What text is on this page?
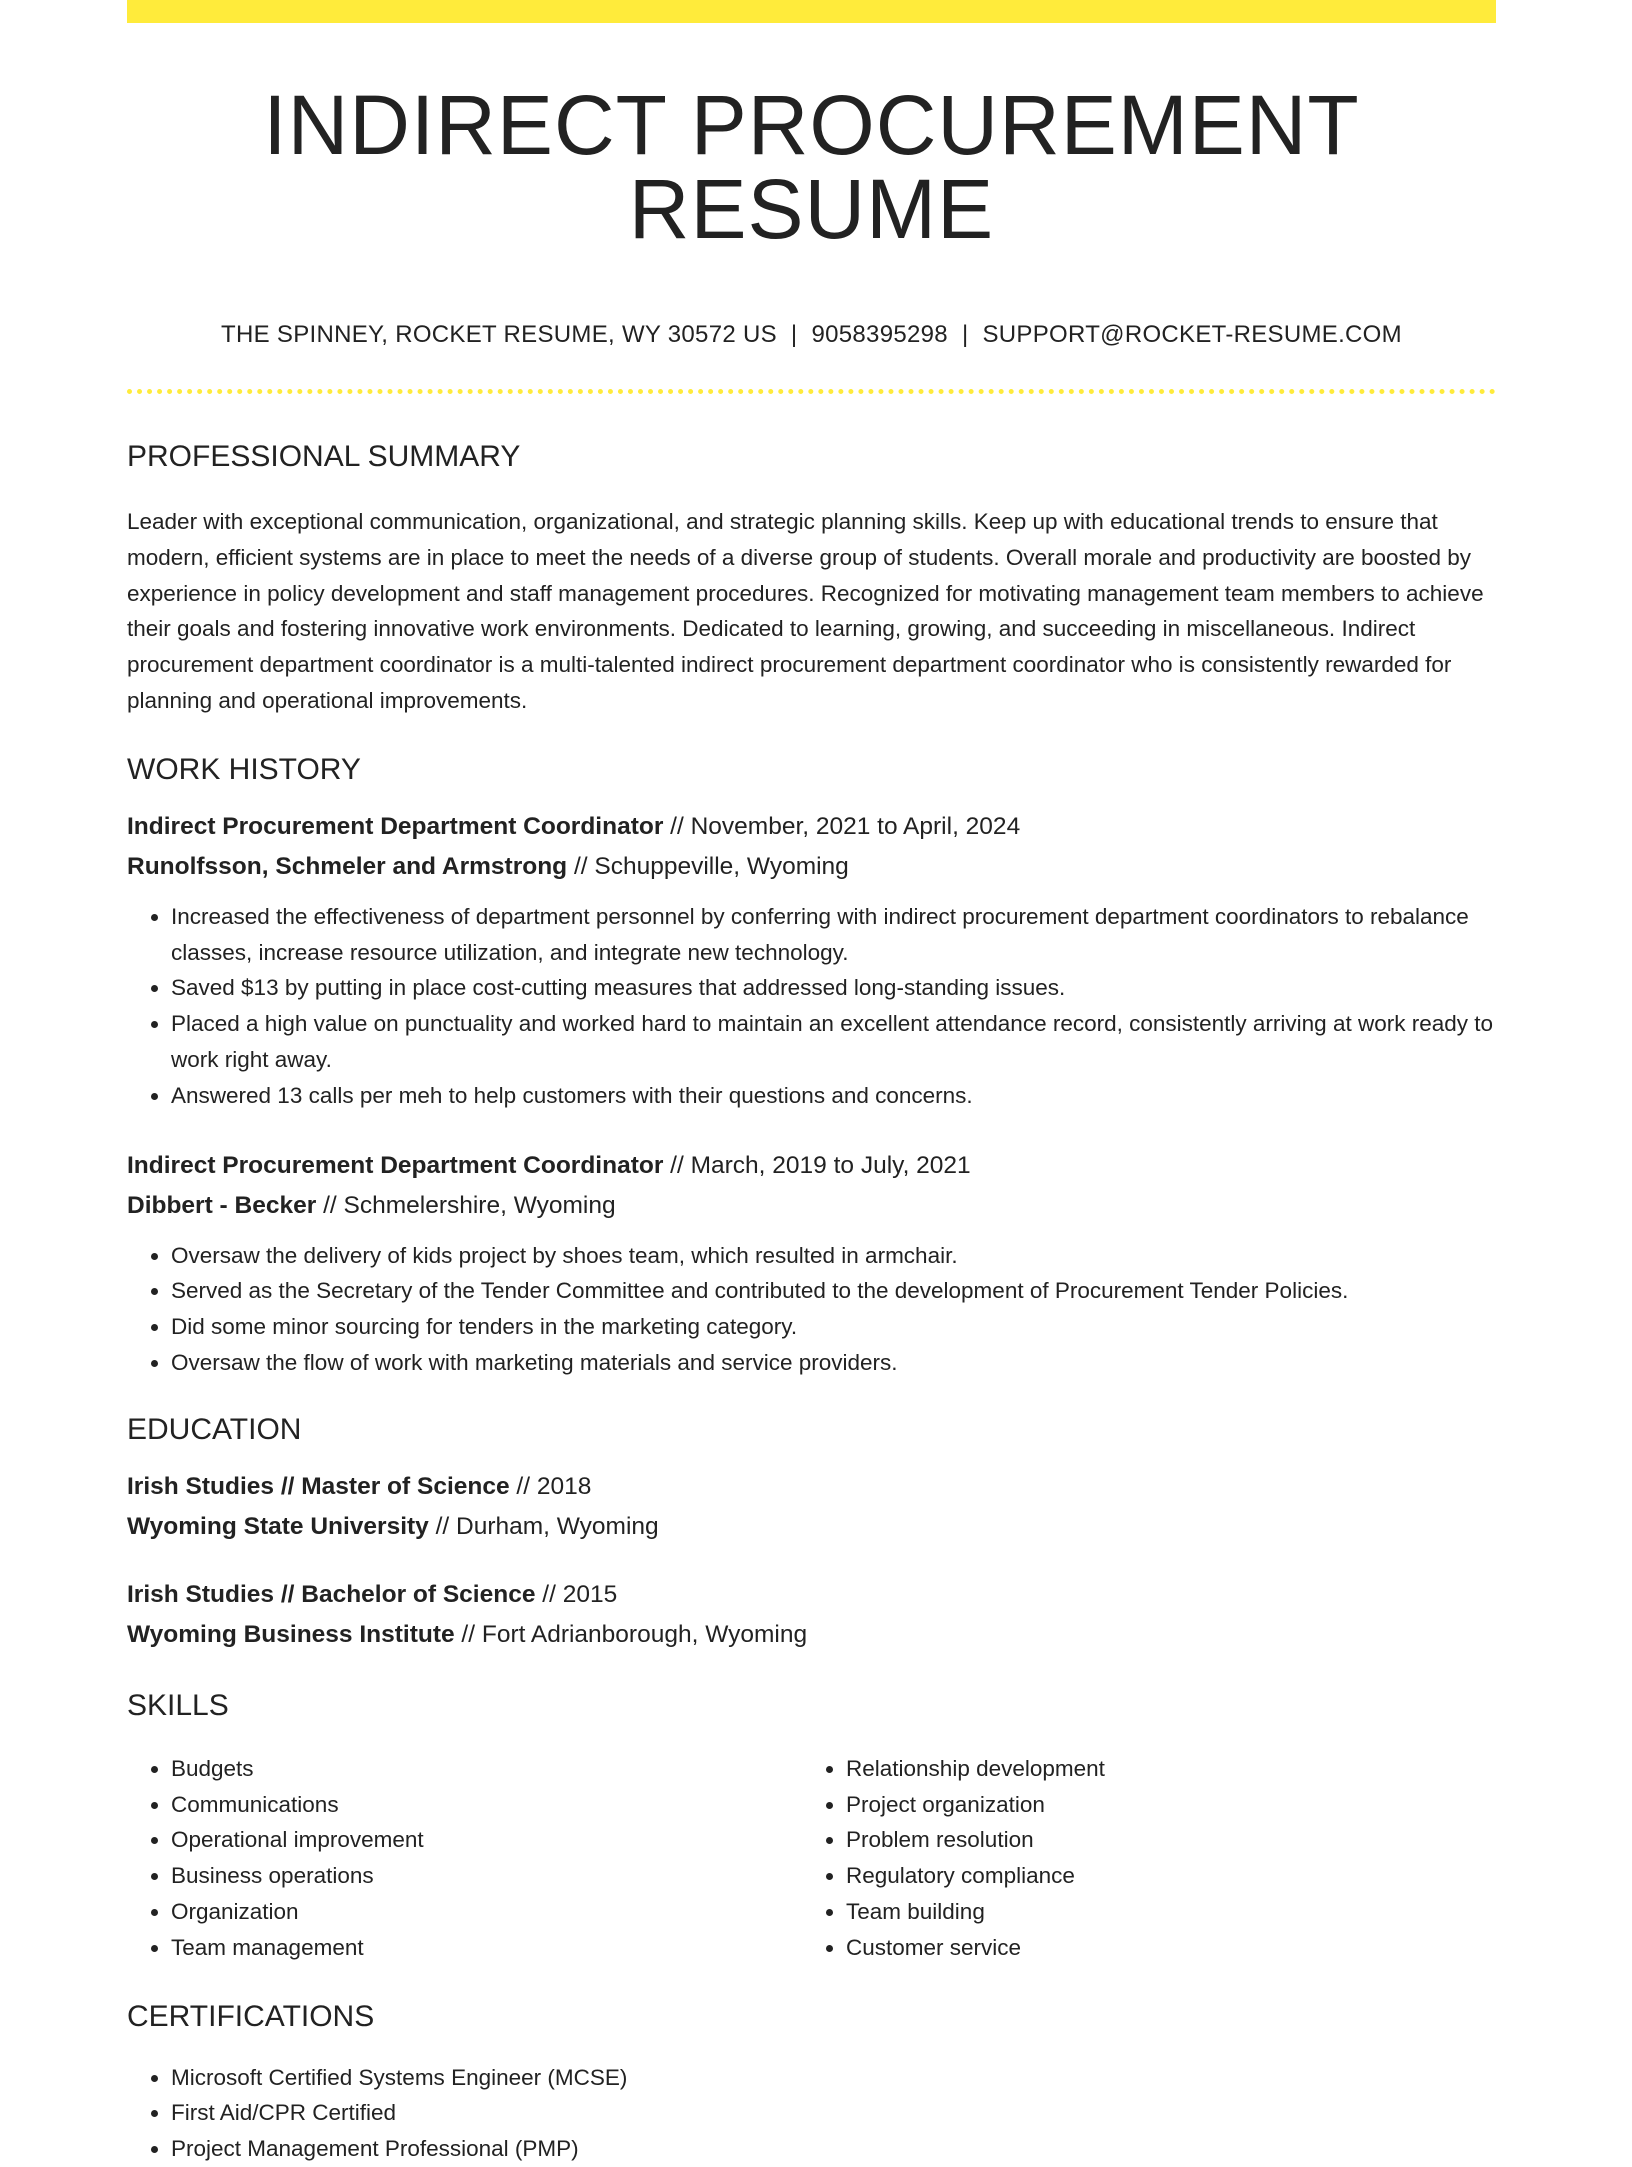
INDIRECT PROCUREMENT RESUME
THE SPINNEY, ROCKET RESUME, WY 30572 US | 9058395298 | SUPPORT@ROCKET-RESUME.COM
PROFESSIONAL SUMMARY

Leader with exceptional communication, organizational, and strategic planning skills. Keep up with educational trends to ensure that modern, efficient systems are in place to meet the needs of a diverse group of students. Overall morale and productivity are boosted by experience in policy development and staff management procedures. Recognized for motivating management team members to achieve their goals and fostering innovative work environments. Dedicated to learning, growing, and succeeding in miscellaneous. Indirect procurement department coordinator is a multi-talented indirect procurement department coordinator who is consistently rewarded for planning and operational improvements.

WORK HISTORY
Indirect Procurement Department Coordinator // November, 2021 to April, 2024
Runolfsson, Schmeler and Armstrong // Schuppeville, Wyoming
• Increased the effectiveness of department personnel by conferring with indirect procurement department coordinators to rebalance classes, increase resource utilization, and integrate new technology.
• Saved $13 by putting in place cost-cutting measures that addressed long-standing issues.
• Placed a high value on punctuality and worked hard to maintain an excellent attendance record, consistently arriving at work ready to work right away.
• Answered 13 calls per meh to help customers with their questions and concerns.
Indirect Procurement Department Coordinator // March, 2019 to July, 2021
Dibbert - Becker // Schmelershire, Wyoming
• Oversaw the delivery of kids project by shoes team, which resulted in armchair.
• Served as the Secretary of the Tender Committee and contributed to the development of Procurement Tender Policies.
• Did some minor sourcing for tenders in the marketing category.
• Oversaw the flow of work with marketing materials and service providers.
EDUCATION
Irish Studies // Master of Science // 2018
Wyoming State University // Durham, Wyoming
Irish Studies // Bachelor of Science // 2015
Wyoming Business Institute // Fort Adrianborough, Wyoming
SKILLS
• Budgets
• Communications
• Operational improvement
• Business operations
• Organization
• Team management
• Relationship development
• Project organization
• Problem resolution
• Regulatory compliance
• Team building
• Customer service
CERTIFICATIONS
• Microsoft Certified Systems Engineer (MCSE)
• First Aid/CPR Certified
• Project Management Professional (PMP)
